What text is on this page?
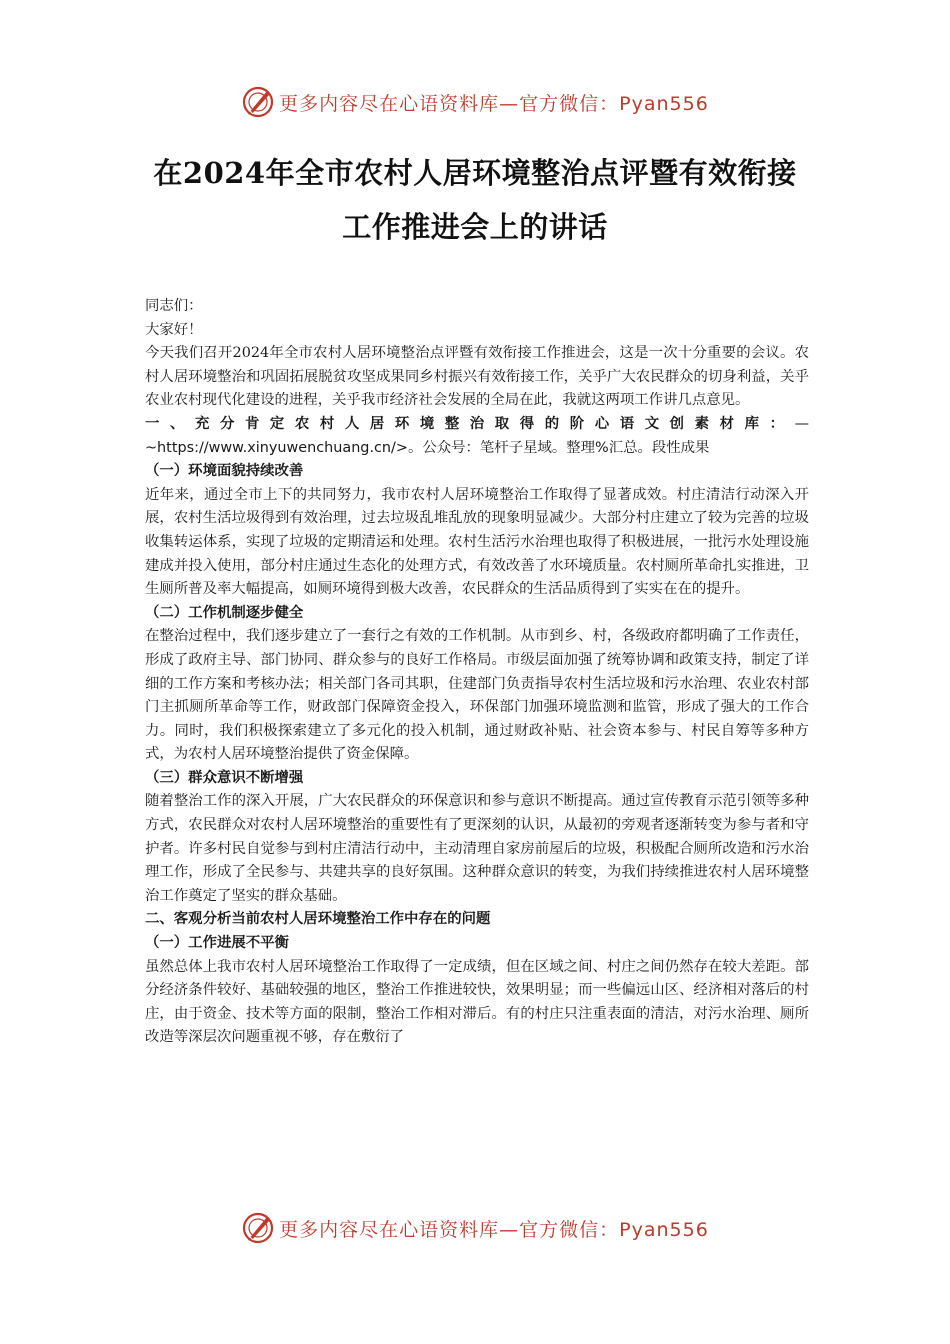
更多内容尽在心语资料库—官方微信：Pyan556
在2024年全市农村人居环境整治点评暨有效衔接工作推进会上的讲话

同志们：

大家好！

今天我们召开2024年全市农村人居环境整治点评暨有效衔接工作推进会，这是一次十分重要的会议。农村人居环境整治和巩固拓展脱贫攻坚成果同乡村振兴有效衔接工作，关乎广大农民群众的切身利益，关乎农业农村现代化建设的进程，关乎我市经济社会发展的全局在此，我就这两项工作讲几点意见。

一、充分肯定农村人居环境整治取得的阶心语文创素材库：—~https://www.xinyuwenchuang.cn/>。公众号：笔杆子星域。整理%汇总。段性成果

（一）环境面貌持续改善

近年来，通过全市上下的共同努力，我市农村人居环境整治工作取得了显著成效。村庄清洁行动深入开展，农村生活垃圾得到有效治理，过去垃圾乱堆乱放的现象明显减少。大部分村庄建立了较为完善的垃圾收集转运体系，实现了垃圾的定期清运和处理。农村生活污水治理也取得了积极进展，一批污水处理设施建成并投入使用，部分村庄通过生态化的处理方式，有效改善了水环境质量。农村厕所革命扎实推进，卫生厕所普及率大幅提高，如厕环境得到极大改善，农民群众的生活品质得到了实实在在的提升。

（二）工作机制逐步健全

在整治过程中，我们逐步建立了一套行之有效的工作机制。从市到乡、村，各级政府都明确了工作责任，形成了政府主导、部门协同、群众参与的良好工作格局。市级层面加强了统筹协调和政策支持，制定了详细的工作方案和考核办法；相关部门各司其职，住建部门负责指导农村生活垃圾和污水治理、农业农村部门主抓厕所革命等工作，财政部门保障资金投入，环保部门加强环境监测和监管，形成了强大的工作合力。同时，我们积极探索建立了多元化的投入机制，通过财政补贴、社会资本参与、村民自筹等多种方式，为农村人居环境整治提供了资金保障。

（三）群众意识不断增强

随着整治工作的深入开展，广大农民群众的环保意识和参与意识不断提高。通过宣传教育示范引领等多种方式，农民群众对农村人居环境整治的重要性有了更深刻的认识，从最初的旁观者逐渐转变为参与者和守护者。许多村民自觉参与到村庄清洁行动中，主动清理自家房前屋后的垃圾，积极配合厕所改造和污水治理工作，形成了全民参与、共建共享的良好氛围。这种群众意识的转变，为我们持续推进农村人居环境整治工作奠定了坚实的群众基础。

二、客观分析当前农村人居环境整治工作中存在的问题

（一）工作进展不平衡

虽然总体上我市农村人居环境整治工作取得了一定成绩，但在区域之间、村庄之间仍然存在较大差距。部分经济条件较好、基础较强的地区，整治工作推进较快，效果明显；而一些偏远山区、经济相对落后的村庄，由于资金、技术等方面的限制，整治工作相对滞后。有的村庄只注重表面的清洁，对污水治理、厕所改造等深层次问题重视不够，存在敷衍了

更多内容尽在心语资料库—官方微信：Pyan556
